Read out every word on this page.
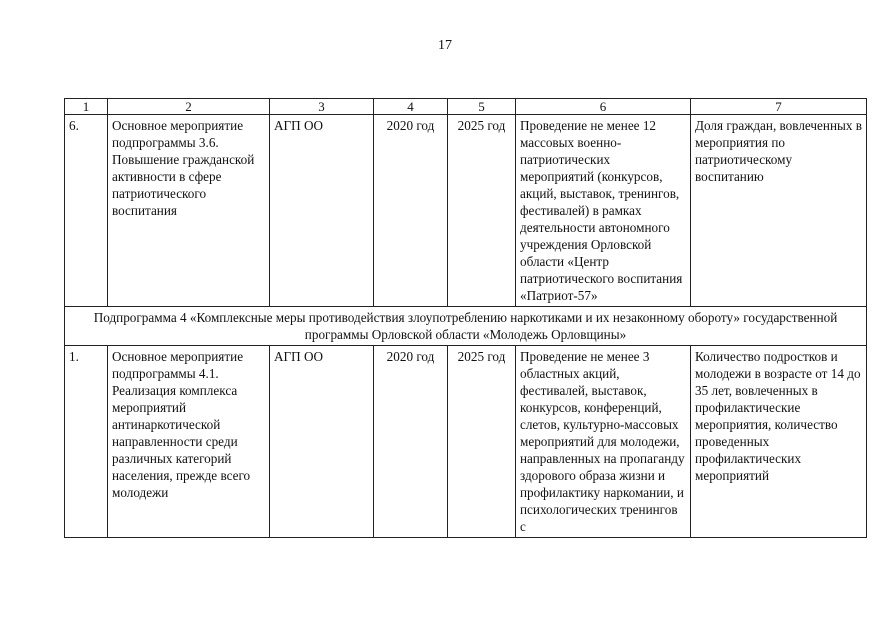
17
1	2	3	4	5	6	7
6.	Основное мероприятие подпрограммы 3.6. Повышение гражданской активности в сфере патриотического воспитания	АГП ОО	2020 год	2025 год	Проведение не менее 12 массовых военно-патриотических мероприятий (конкурсов, акций, выставок, тренингов, фестивалей) в рамках деятельности автономного учреждения Орловской области «Центр патриотического воспитания «Патриот-57»	Доля граждан, вовлеченных в мероприятия по патриотическому воспитанию
Подпрограмма 4 «Комплексные меры противодействия злоупотреблению наркотиками и их незаконному обороту» государственной программы Орловской области «Молодежь Орловщины»						
1.	Основное мероприятие подпрограммы 4.1. Реализация комплекса мероприятий антинаркотической направленности среди различных категорий населения, прежде всего молодежи	АГП ОО	2020 год	2025 год	Проведение не менее 3 областных акций, фестивалей, выставок, конкурсов, конференций, слетов, культурно-массовых мероприятий для молодежи, направленных на пропаганду здорового образа жизни и профилактику наркомании, и психологических тренингов с	Количество подростков и молодежи в возрасте от 14 до 35 лет, вовлеченных в профилактические мероприятия, количество проведенных профилактических мероприятий
